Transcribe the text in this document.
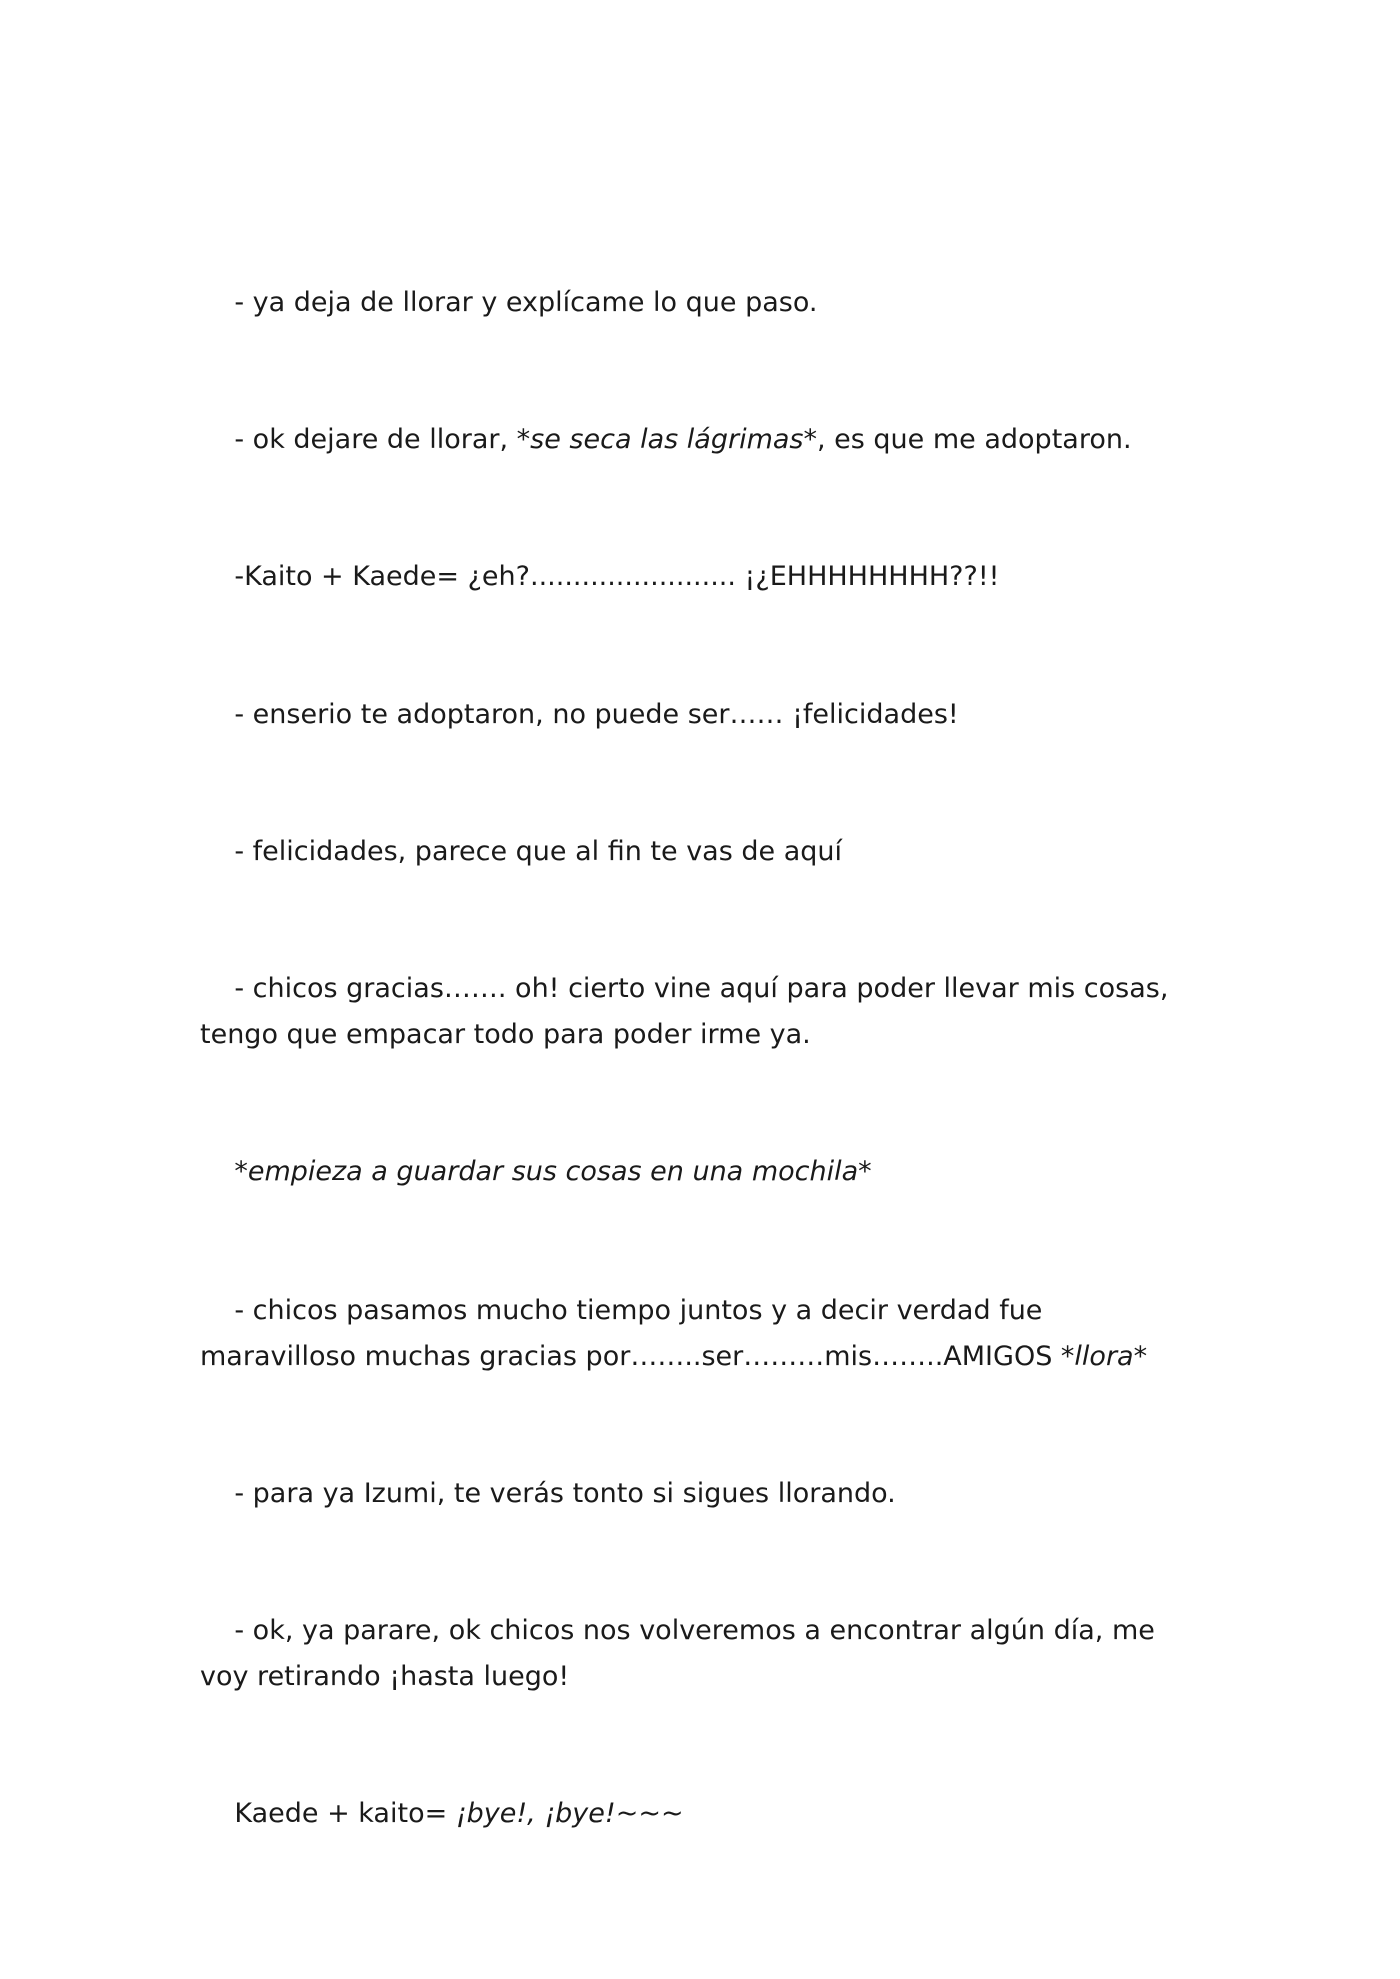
- ya deja de llorar y explícame lo que paso.

- ok dejare de llorar, *se seca las lágrimas*, es que me adoptaron.

-Kaito + Kaede= ¿eh?........................ ¡¿EHHHHHHHH??!!

- enserio te adoptaron, no puede ser…… ¡felicidades!

- felicidades, parece que al fin te vas de aquí

- chicos gracias……. oh! cierto vine aquí para poder llevar mis cosas, tengo que empacar todo para poder irme ya.

*empieza a guardar sus cosas en una mochila*

- chicos pasamos mucho tiempo juntos y a decir verdad fue maravilloso muchas gracias por……..ser………mis……..AMIGOS *llora*

- para ya Izumi, te verás tonto si sigues llorando.

- ok, ya parare, ok chicos nos volveremos a encontrar algún día, me voy retirando ¡hasta luego!

Kaede + kaito= ¡bye!, ¡bye!~~~
